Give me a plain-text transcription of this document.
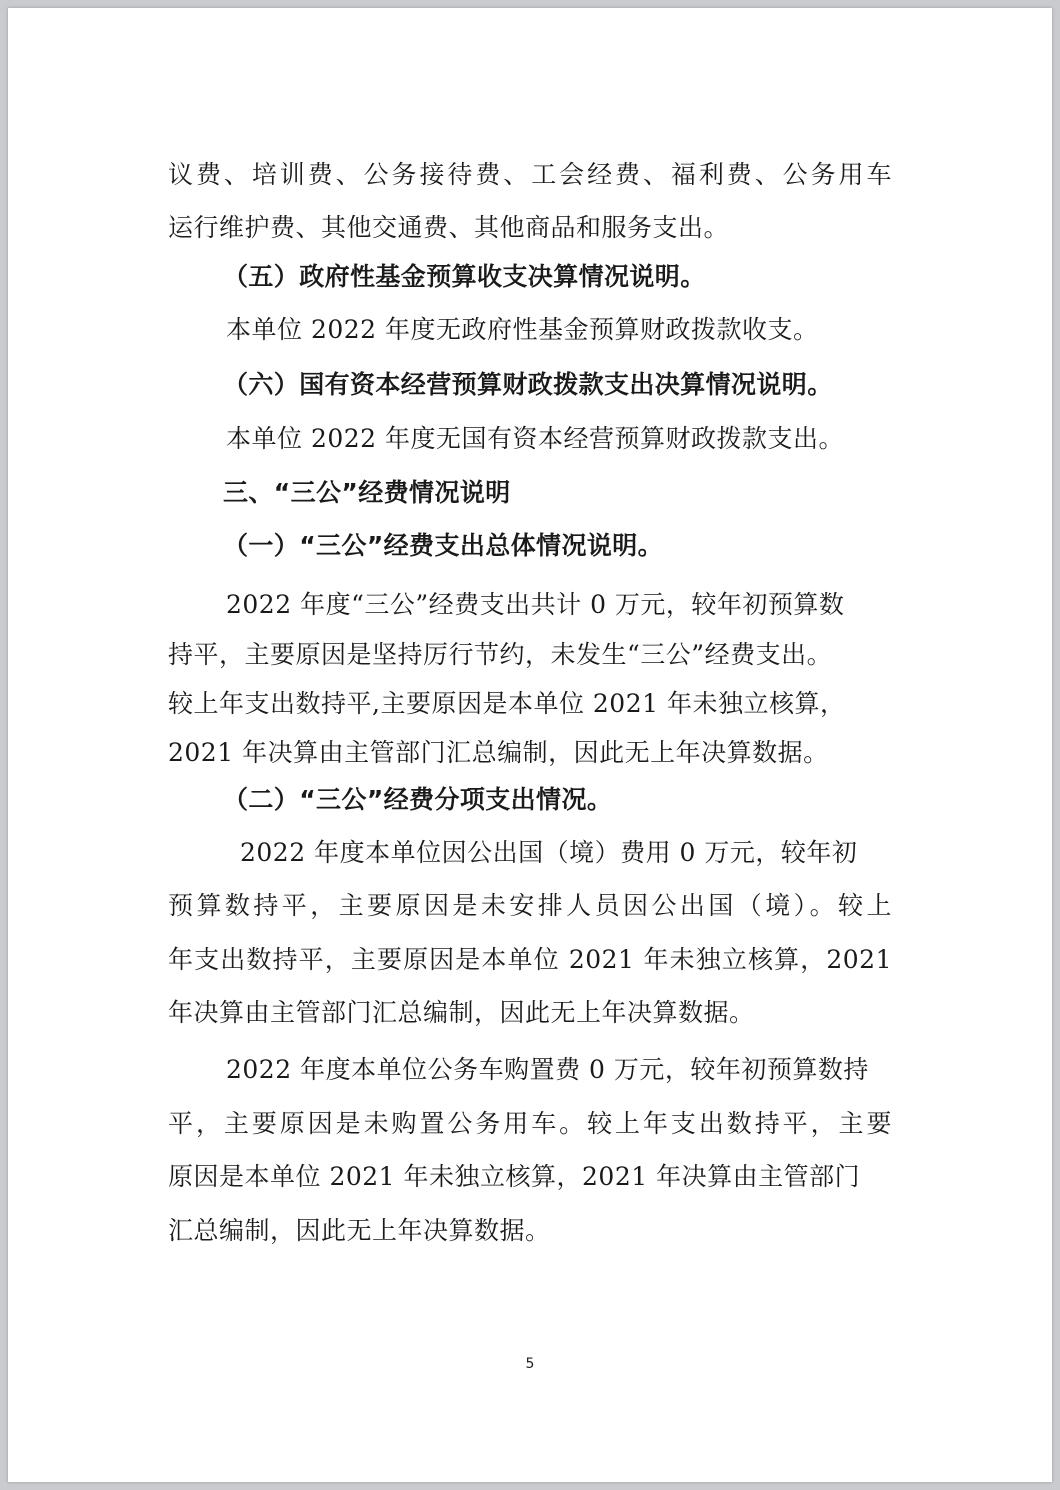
议费、培训费、公务接待费、工会经费、福利费、公务用车
运行维护费、其他交通费、其他商品和服务支出。
（五）政府性基金预算收支决算情况说明。
本单位 2022 年度无政府性基金预算财政拨款收支。
（六）国有资本经营预算财政拨款支出决算情况说明。
本单位 2022 年度无国有资本经营预算财政拨款支出。
三、“三公”经费情况说明
（一）“三公”经费支出总体情况说明。
2022 年度“三公”经费支出共计 0 万元，较年初预算数
持平，主要原因是坚持厉行节约，未发生“三公”经费支出。
较上年支出数持平,主要原因是本单位 2021 年未独立核算，
2021 年决算由主管部门汇总编制，因此无上年决算数据。
（二）“三公”经费分项支出情况。
2022 年度本单位因公出国（境）费用 0 万元，较年初
预算数持平，主要原因是未安排人员因公出国（境）。较上
年支出数持平，主要原因是本单位 2021 年未独立核算，2021
年决算由主管部门汇总编制，因此无上年决算数据。
2022 年度本单位公务车购置费 0 万元，较年初预算数持
平，主要原因是未购置公务用车。较上年支出数持平，主要
原因是本单位 2021 年未独立核算，2021 年决算由主管部门
汇总编制，因此无上年决算数据。
5
